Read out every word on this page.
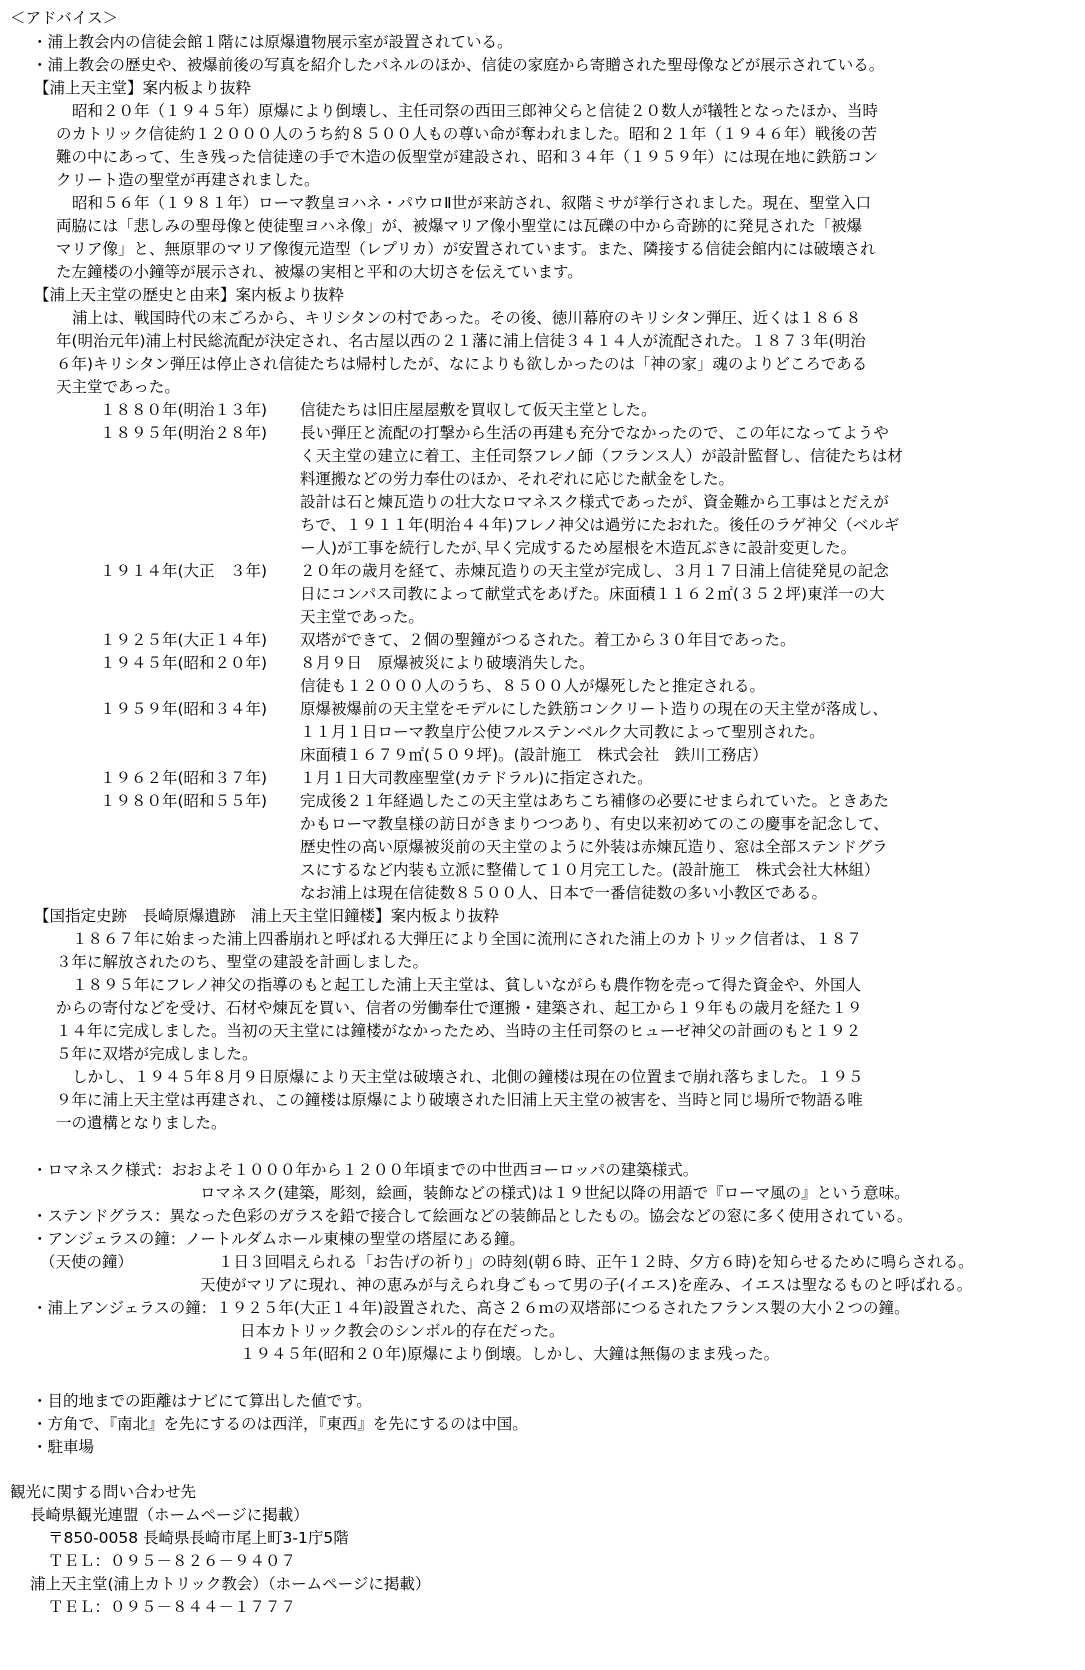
＜アドバイス＞
・浦上教会内の信徒会館１階には原爆遺物展示室が設置されている。
・浦上教会の歴史や、被爆前後の写真を紹介したパネルのほか、信徒の家庭から寄贈された聖母像などが展示されている。
【浦上天主堂】案内板より抜粋
昭和２０年（１９４５年）原爆により倒壊し、主任司祭の西田三郎神父らと信徒２０数人が犠牲となったほか、当時
のカトリック信徒約１２０００人のうち約８５００人もの尊い命が奪われました。昭和２１年（１９４６年）戦後の苦
難の中にあって、生き残った信徒達の手で木造の仮聖堂が建設され、昭和３４年（１９５９年）には現在地に鉄筋コン
クリート造の聖堂が再建されました。
昭和５６年（１９８１年）ローマ教皇ヨハネ・パウロⅡ世が来訪され、叙階ミサが挙行されました。現在、聖堂入口
両脇には「悲しみの聖母像と使徒聖ヨハネ像」が、被爆マリア像小聖堂には瓦礫の中から奇跡的に発見された「被爆
マリア像」と、無原罪のマリア像復元造型（レプリカ）が安置されています。また、隣接する信徒会館内には破壊され
た左鐘楼の小鐘等が展示され、被爆の実相と平和の大切さを伝えています。
【浦上天主堂の歴史と由来】案内板より抜粋
浦上は、戦国時代の末ごろから、キリシタンの村であった。その後、徳川幕府のキリシタン弾圧、近くは１８６８
年(明治元年)浦上村民総流配が決定され、名古屋以西の２１藩に浦上信徒３４１４人が流配された。１８７３年(明治
６年)キリシタン弾圧は停止され信徒たちは帰村したが、なによりも欲しかったのは「神の家」魂のよりどころである
天主堂であった。
１８８０年(明治１３年) 信徒たちは旧庄屋屋敷を買収して仮天主堂とした。
１８９５年(明治２８年) 長い弾圧と流配の打撃から生活の再建も充分でなかったので、この年になってようや
く天主堂の建立に着工、主任司祭フレノ師（フランス人）が設計監督し、信徒たちは材
料運搬などの労力奉仕のほか、それぞれに応じた献金をした。
設計は石と煉瓦造りの壮大なロマネスク様式であったが、資金難から工事はとだえが
ちで、１９１１年(明治４４年)フレノ神父は過労にたおれた。後任のラゲ神父（ベルギ
ー人)が工事を続行したが､早く完成するため屋根を木造瓦ぶきに設計変更した。
１９１４年(大正　３年) ２０年の歳月を経て、赤煉瓦造りの天主堂が完成し、３月１７日浦上信徒発見の記念
日にコンパス司教によって献堂式をあげた。床面積１１６２㎡(３５２坪)東洋一の大
天主堂であった。
１９２５年(大正１４年) 双塔ができて、２個の聖鐘がつるされた。着工から３０年目であった。
１９４５年(昭和２０年) ８月９日　原爆被災により破壊消失した。
信徒も１２０００人のうち、８５００人が爆死したと推定される。
１９５９年(昭和３４年) 原爆被爆前の天主堂をモデルにした鉄筋コンクリート造りの現在の天主堂が落成し、
１１月１日ローマ教皇庁公使フルステンベルク大司教によって聖別された。
床面積１６７９㎡(５０９坪)。(設計施工　株式会社　鉄川工務店）
１９６２年(昭和３７年) １月１日大司教座聖堂(カテドラル)に指定された。
１９８０年(昭和５５年) 完成後２１年経過したこの天主堂はあちこち補修の必要にせまられていた。ときあた
かもローマ教皇様の訪日がきまりつつあり、有史以来初めてのこの慶事を記念して、
歴史性の高い原爆被災前の天主堂のように外装は赤煉瓦造り、窓は全部ステンドグラ
スにするなど内装も立派に整備して１０月完工した。(設計施工　株式会社大林組）
なお浦上は現在信徒数８５００人、日本で一番信徒数の多い小教区である。
【国指定史跡　長崎原爆遺跡　浦上天主堂旧鐘楼】案内板より抜粋
１８６７年に始まった浦上四番崩れと呼ばれる大弾圧により全国に流刑にされた浦上のカトリック信者は、１８７
３年に解放されたのち、聖堂の建設を計画しました。
１８９５年にフレノ神父の指導のもと起工した浦上天主堂は、貧しいながらも農作物を売って得た資金や、外国人
からの寄付などを受け、石材や煉瓦を買い、信者の労働奉仕で運搬・建築され、起工から１９年もの歳月を経た１９
１４年に完成しました。当初の天主堂には鐘楼がなかったため、当時の主任司祭のヒューゼ神父の計画のもと１９２
５年に双塔が完成しました。
しかし、１９４５年８月９日原爆により天主堂は破壊され、北側の鐘楼は現在の位置まで崩れ落ちました。１９５
９年に浦上天主堂は再建され、この鐘楼は原爆により破壊された旧浦上天主堂の被害を、当時と同じ場所で物語る唯
一の遺構となりました。
・ロマネスク様式：おおよそ１０００年から１２００年頃までの中世西ヨーロッパの建築様式。
ロマネスク(建築，彫刻，絵画，装飾などの様式)は１９世紀以降の用語で『ローマ風の』という意味。
・ステンドグラス：異なった色彩のガラスを鉛で接合して絵画などの装飾品としたもの。協会などの窓に多く使用されている。
・アンジェラスの鐘：ノートルダムホール東棟の聖堂の塔屋にある鐘。
（天使の鐘）	１日３回唱えられる「お告げの祈り」の時刻(朝６時、正午１２時、夕方６時)を知らせるために鳴らされる。
天使がマリアに現れ、神の恵みが与えられ身ごもって男の子(イエス)を産み、イエスは聖なるものと呼ばれる。
・浦上アンジェラスの鐘：１９２５年(大正１４年)設置された、高さ２６ｍの双塔部につるされたフランス製の大小２つの鐘。
日本カトリック教会のシンボル的存在だった。
１９４５年(昭和２０年)原爆により倒壊。しかし、大鐘は無傷のまま残った。
・目的地までの距離はナビにて算出した値です。
・方角で、『南北』を先にするのは西洋，『東西』を先にするのは中国。
・駐車場
観光に関する問い合わせ先
長崎県観光連盟（ホームページに掲載）
〒850-0058 長崎県長崎市尾上町3-1庁5階
ＴＥＬ：０９５－８２６－９４０７
浦上天主堂(浦上カトリック教会）（ホームページに掲載）
ＴＥＬ：０９５－８４４－１７７７
